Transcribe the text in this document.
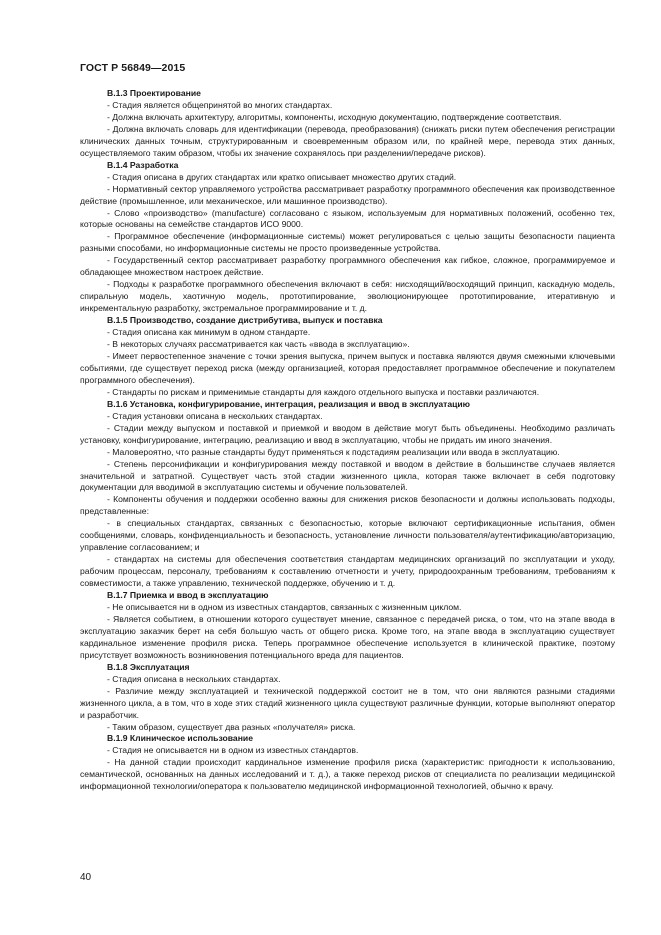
ГОСТ Р 56849—2015
В.1.3 Проектирование

- Стадия является общепринятой во многих стандартах.

- Должна включать архитектуру, алгоритмы, компоненты, исходную документацию, подтверждение соответствия.

- Должна включать словарь для идентификации (перевода, преобразования) (снижать риски путем обеспечения регистрации клинических данных точным, структурированным и своевременным образом или, по крайней мере, перевода этих данных, осуществляемого таким образом, чтобы их значение сохранялось при разделении/передаче рисков).

В.1.4 Разработка

- Стадия описана в других стандартах или кратко описывает множество других стадий.

- Нормативный сектор управляемого устройства рассматривает разработку программного обеспечения как производственное действие (промышленное, или механическое, или машинное производство).

- Слово «производство» (manufacture) согласовано с языком, используемым для нормативных положений, особенно тех, которые основаны на семействе стандартов ИСО 9000.

- Программное обеспечение (информационные системы) может регулироваться с целью защиты безопасности пациента разными способами, но информационные системы не просто произведенные устройства.

- Государственный сектор рассматривает разработку программного обеспечения как гибкое, сложное, программируемое и обладающее множеством настроек действие.

- Подходы к разработке программного обеспечения включают в себя: нисходящий/восходящий принцип, каскадную модель, спиральную модель, хаотичную модель, прототипирование, эволюционирующее прототипирование, итеративную и инкрементальную разработку, экстремальное программирование и т. д.

В.1.5 Производство, создание дистрибутива, выпуск и поставка

- Стадия описана как минимум в одном стандарте.

- В некоторых случаях рассматривается как часть «ввода в эксплуатацию».

- Имеет первостепенное значение с точки зрения выпуска, причем выпуск и поставка являются двумя смежными ключевыми событиями, где существует переход риска (между организацией, которая предоставляет программное обеспечение и покупателем программного обеспечения).

- Стандарты по рискам и применимые стандарты для каждого отдельного выпуска и поставки различаются.

В.1.6 Установка, конфигурирование, интеграция, реализация и ввод в эксплуатацию

- Стадия установки описана в нескольких стандартах.

- Стадии между выпуском и поставкой и приемкой и вводом в действие могут быть объединены. Необходимо различать установку, конфигурирование, интеграцию, реализацию и ввод в эксплуатацию, чтобы не придать им иного значения.

- Маловероятно, что разные стандарты будут применяться к подстадиям реализации или ввода в эксплуатацию.

- Степень персонификации и конфигурирования между поставкой и вводом в действие в большинстве случаев является значительной и затратной. Существует часть этой стадии жизненного цикла, которая также включает в себя подготовку документации для вводимой в эксплуатацию системы и обучение пользователей.

- Компоненты обучения и поддержки особенно важны для снижения рисков безопасности и должны использовать подходы, представленные:

- в специальных стандартах, связанных с безопасностью, которые включают сертификационные испытания, обмен сообщениями, словарь, конфиденциальность и безопасность, установление личности пользователя/аутентификацию/авторизацию, управление согласованием; и

- стандартах на системы для обеспечения соответствия стандартам медицинских организаций по эксплуатации и уходу, рабочим процессам, персоналу, требованиям к составлению отчетности и учету, природоохранным требованиям, требованиям к совместимости, а также управлению, технической поддержке, обучению и т. д.

В.1.7 Приемка и ввод в эксплуатацию

- Не описывается ни в одном из известных стандартов, связанных с жизненным циклом.

- Является событием, в отношении которого существует мнение, связанное с передачей риска, о том, что на этапе ввода в эксплуатацию заказчик берет на себя большую часть от общего риска. Кроме того, на этапе ввода в эксплуатацию существует кардинальное изменение профиля риска. Теперь программное обеспечение используется в клинической практике, поэтому присутствует возможность возникновения потенциального вреда для пациентов.

В.1.8 Эксплуатация

- Стадия описана в нескольких стандартах.

- Различие между эксплуатацией и технической поддержкой состоит не в том, что они являются разными стадиями жизненного цикла, а в том, что в ходе этих стадий жизненного цикла существуют различные функции, которые выполняют оператор и разработчик.

- Таким образом, существует два разных «получателя» риска.

В.1.9 Клиническое использование

- Стадия не описывается ни в одном из известных стандартов.

- На данной стадии происходит кардинальное изменение профиля риска (характеристик: пригодности к использованию, семантической, основанных на данных исследований и т. д.), а также переход рисков от специалиста по реализации медицинской информационной технологии/оператора к пользователю медицинской информационной технологией, обычно к врачу.

40
